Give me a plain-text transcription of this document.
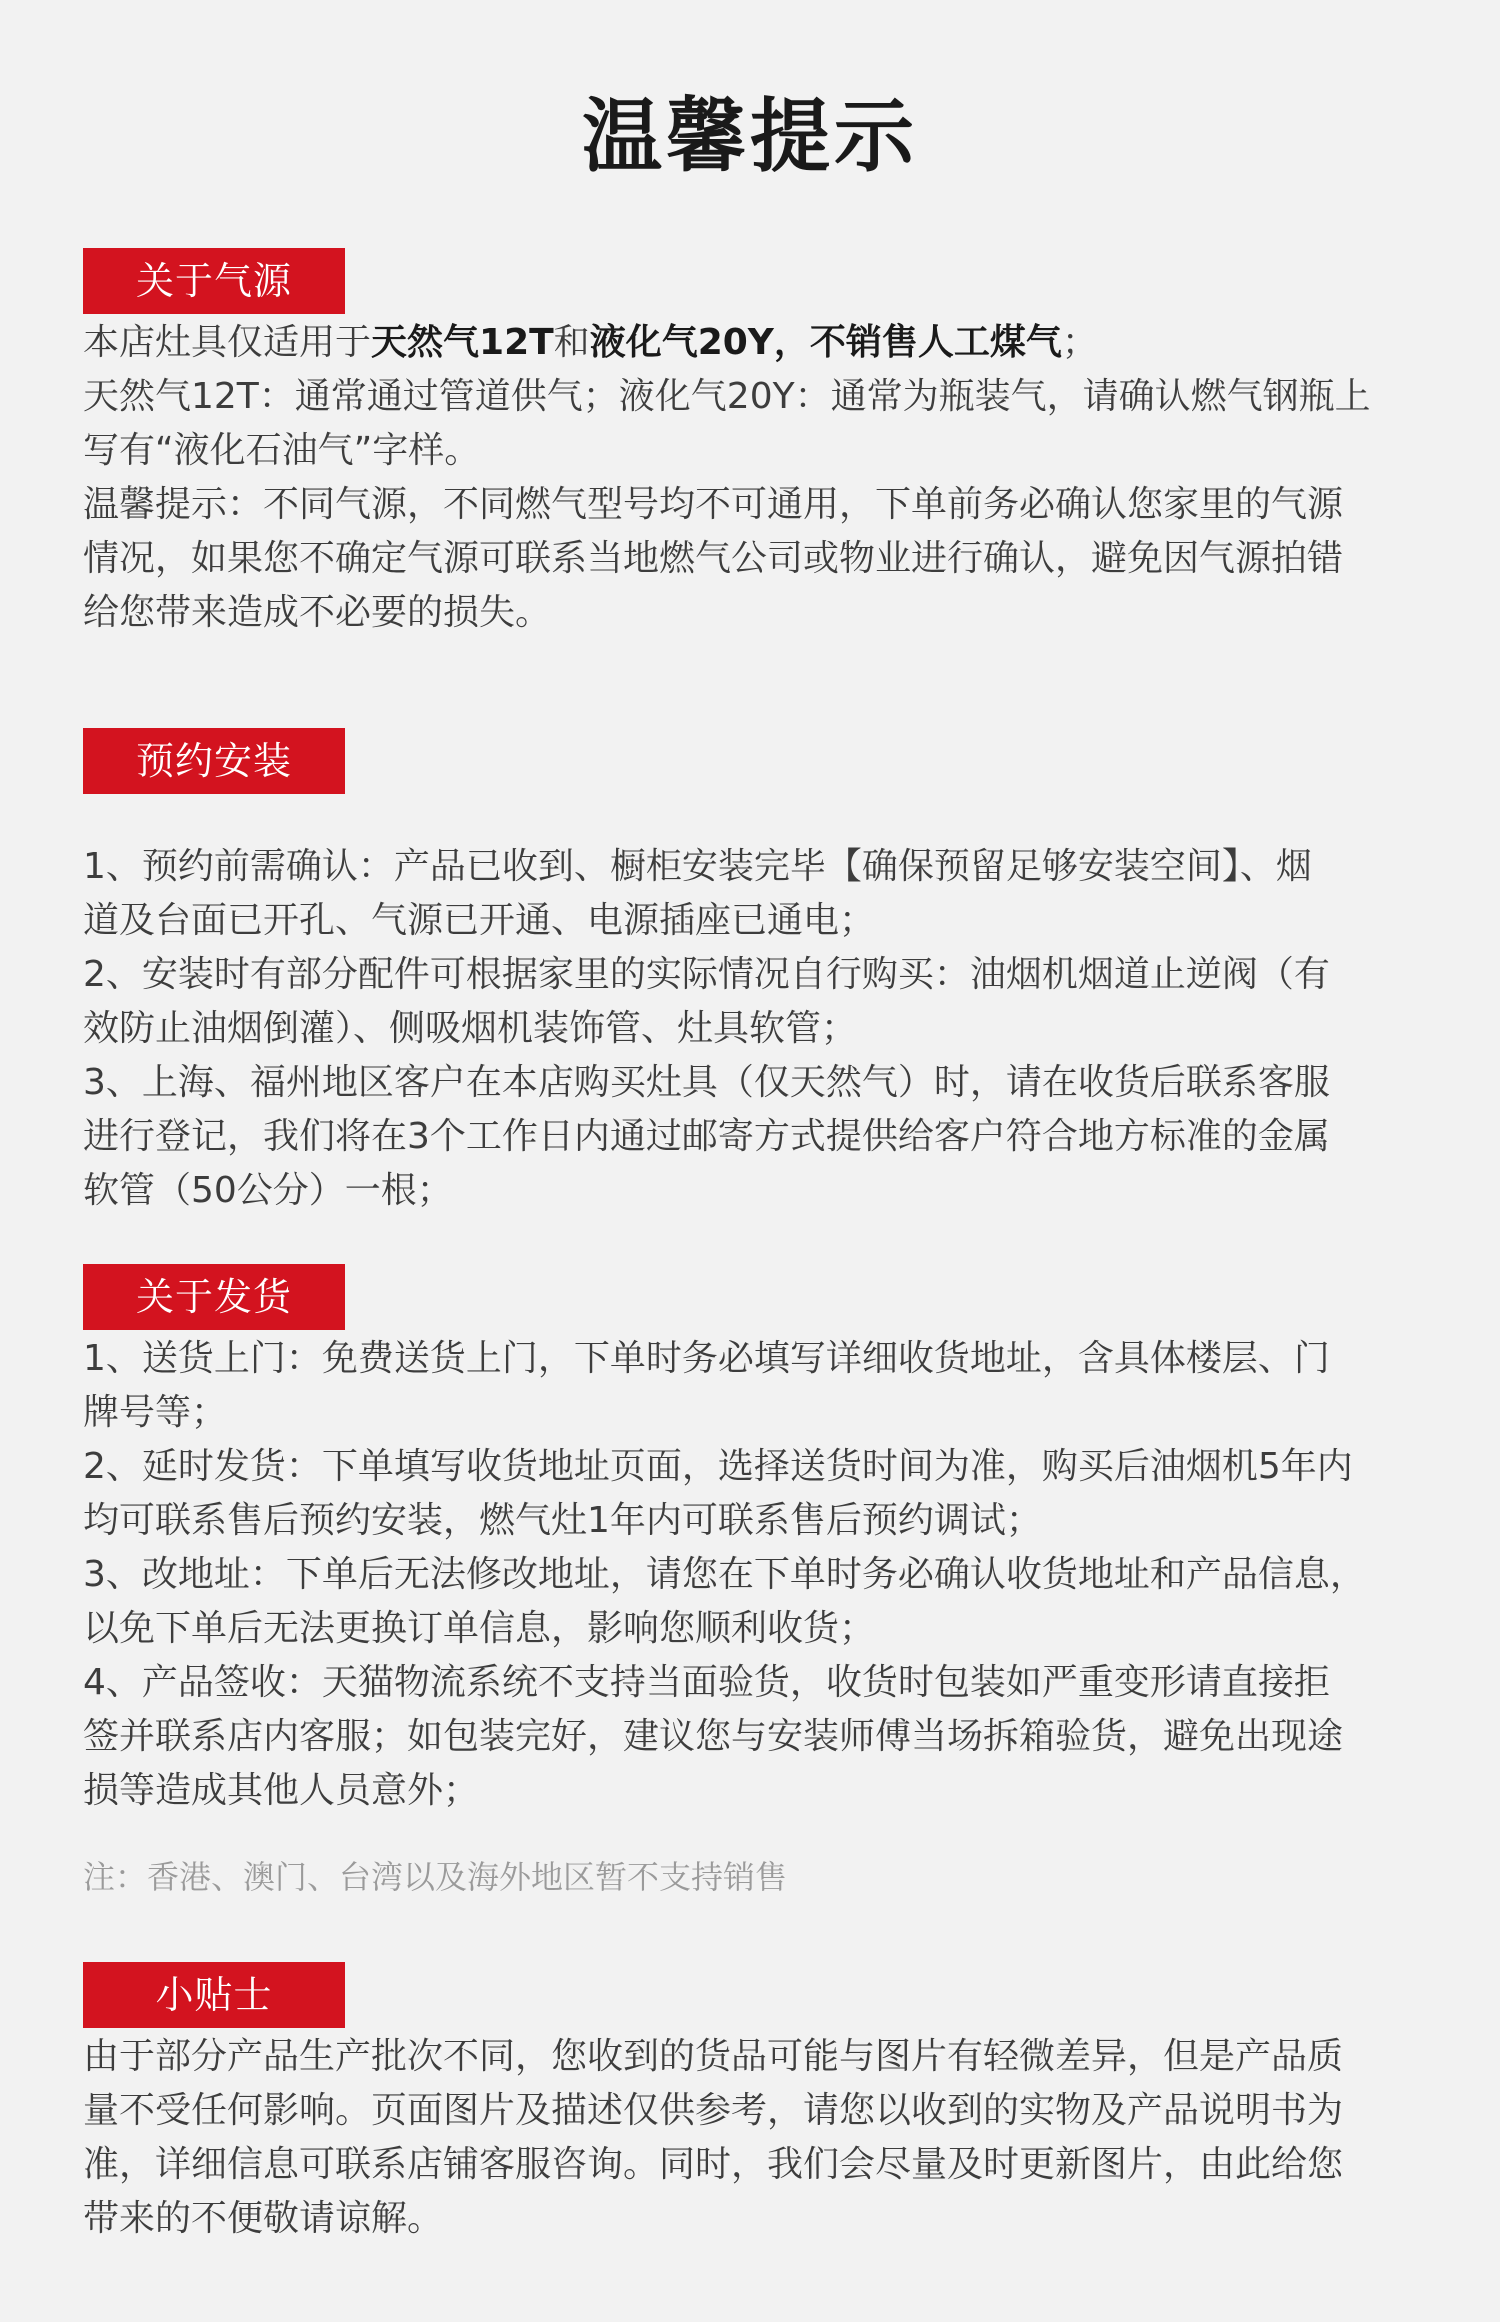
温馨提示
关于气源

本店灶具仅适用于天然气12T和液化气20Y，不销售人工煤气；

天然气12T：通常通过管道供气；液化气20Y：通常为瓶装气，请确认燃气钢瓶上

写有“液化石油气”字样。

温馨提示：不同气源，不同燃气型号均不可通用，下单前务必确认您家里的气源

情况，如果您不确定气源可联系当地燃气公司或物业进行确认，避免因气源拍错

给您带来造成不必要的损失。

预约安装

1、预约前需确认：产品已收到、橱柜安装完毕【确保预留足够安装空间】、烟

道及台面已开孔、气源已开通、电源插座已通电；

2、安装时有部分配件可根据家里的实际情况自行购买：油烟机烟道止逆阀（有

效防止油烟倒灌）、侧吸烟机装饰管、灶具软管；

3、上海、福州地区客户在本店购买灶具（仅天然气）时，请在收货后联系客服

进行登记，我们将在3个工作日内通过邮寄方式提供给客户符合地方标准的金属

软管（50公分）一根；

关于发货

1、送货上门：免费送货上门，下单时务必填写详细收货地址，含具体楼层、门

牌号等；

2、延时发货：下单填写收货地址页面，选择送货时间为准，购买后油烟机5年内

均可联系售后预约安装，燃气灶1年内可联系售后预约调试；

3、改地址：下单后无法修改地址，请您在下单时务必确认收货地址和产品信息，

以免下单后无法更换订单信息，影响您顺利收货；

4、产品签收：天猫物流系统不支持当面验货，收货时包装如严重变形请直接拒

签并联系店内客服；如包装完好，建议您与安装师傅当场拆箱验货，避免出现途

损等造成其他人员意外；

注：香港、澳门、台湾以及海外地区暂不支持销售

小贴士

由于部分产品生产批次不同，您收到的货品可能与图片有轻微差异，但是产品质

量不受任何影响。页面图片及描述仅供参考，请您以收到的实物及产品说明书为

准，详细信息可联系店铺客服咨询。同时，我们会尽量及时更新图片，由此给您

带来的不便敬请谅解。
